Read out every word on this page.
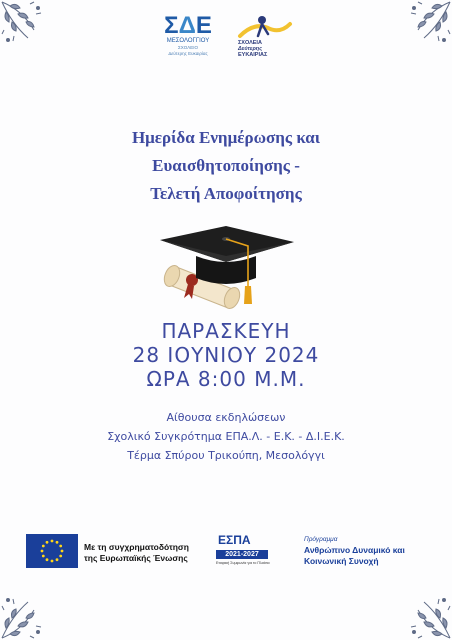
ΣΔΕ
ΜΕΣΟΛΟΓΓΙΟΥ
ΣΧΟΛΕΙΟ
Δεύτερης Ευκαιρίας
ΣΧΟΛΕΙΑ
Δεύτερης
ΕΥΚΑΙΡΙΑΣ
Ημερίδα Ενημέρωσης και
Ευαισθητοποίησης -
Τελετή Αποφοίτησης
ΠΑΡΑΣΚΕΥΗ
28 ΙΟΥΝΙΟΥ 2024
ΩΡΑ 8:00 Μ.Μ.
Αίθουσα εκδηλώσεων
Σχολικό Συγκρότημα ΕΠΑ.Λ. - Ε.Κ. - Δ.Ι.Ε.Κ.
Τέρμα Σπύρου Τρικούπη, Μεσολόγγι
Με τη συγχρηματοδότηση
της Ευρωπαϊκής Ένωσης
ΕΣΠΑ
2021-2027
Εταιρική Συμφωνία για το Πλαίσιο
Πρόγραμμα
Ανθρώπινο Δυναμικό και
Κοινωνική Συνοχή
